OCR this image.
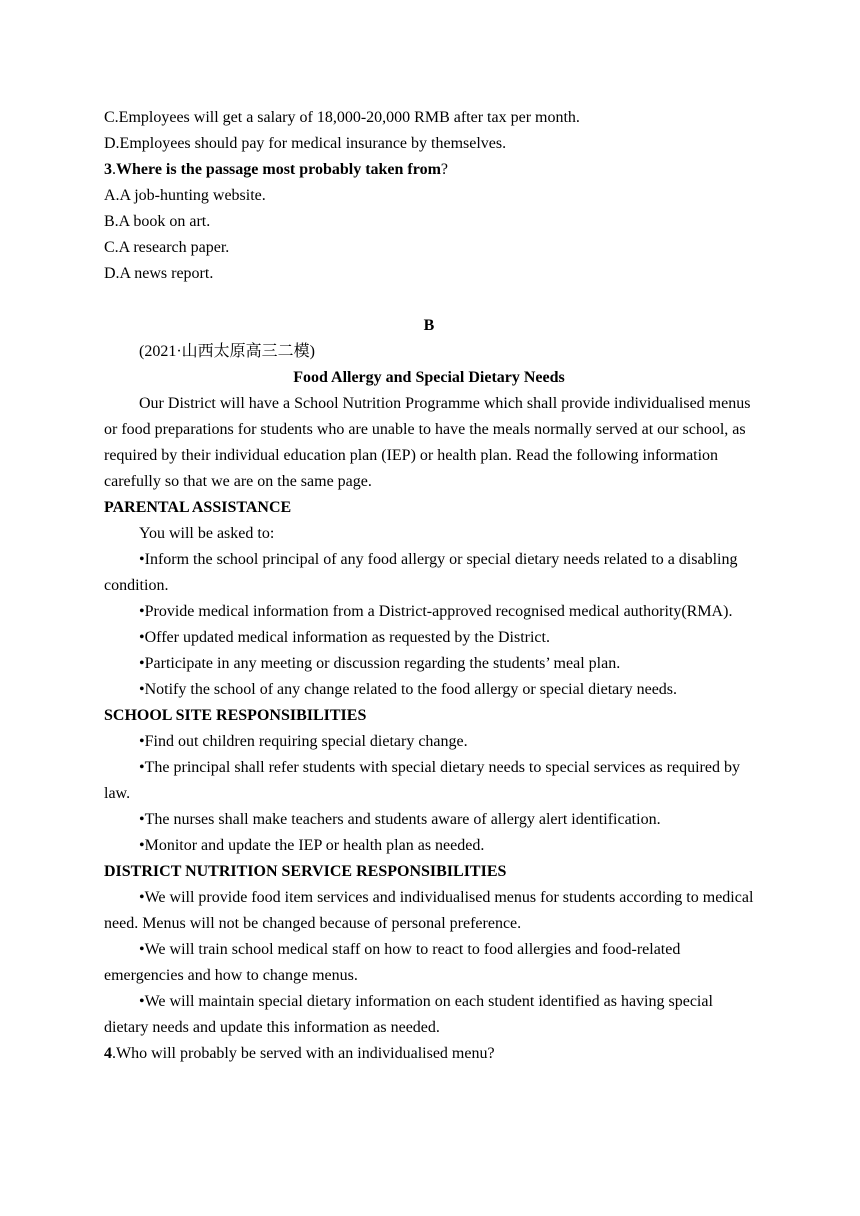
C.Employees will get a salary of 18,000-20,000 RMB after tax per month.

D.Employees should pay for medical insurance by themselves.

3.Where is the passage most probably taken from?

A.A job-hunting website.

B.A book on art.

C.A research paper.

D.A news report.

B

(2021·山西太原高三二模)

Food Allergy and Special Dietary Needs

Our District will have a School Nutrition Programme which shall provide individualised menus or food preparations for students who are unable to have the meals normally served at our school, as required by their individual education plan (IEP) or health plan. Read the following information carefully so that we are on the same page.

PARENTAL ASSISTANCE

You will be asked to:

• Inform the school principal of any food allergy or special dietary needs related to a disabling condition.

• Provide medical information from a District-approved recognised medical authority(RMA).

• Offer updated medical information as requested by the District.

• Participate in any meeting or discussion regarding the students’ meal plan.

• Notify the school of any change related to the food allergy or special dietary needs.

SCHOOL SITE RESPONSIBILITIES

• Find out children requiring special dietary change.

• The principal shall refer students with special dietary needs to special services as required by law.

• The nurses shall make teachers and students aware of allergy alert identification.

• Monitor and update the IEP or health plan as needed.

DISTRICT NUTRITION SERVICE RESPONSIBILITIES

• We will provide food item services and individualised menus for students according to medical need. Menus will not be changed because of personal preference.

• We will train school medical staff on how to react to food allergies and food-related emergencies and how to change menus.

• We will maintain special dietary information on each student identified as having special dietary needs and update this information as needed.

4.Who will probably be served with an individualised menu?
